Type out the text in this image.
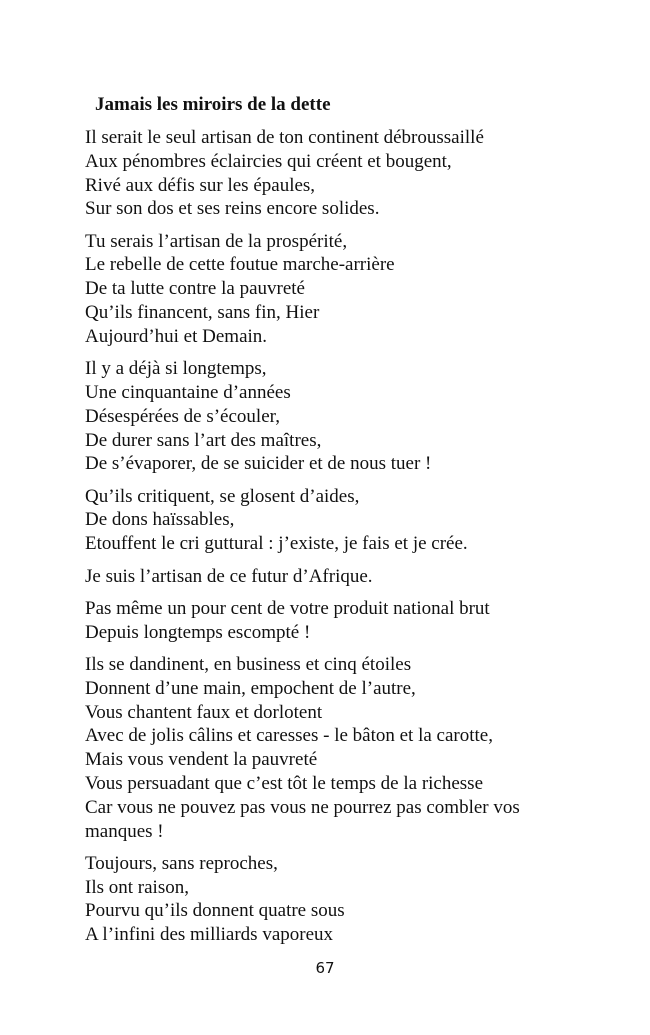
Jamais les miroirs de la dette
Il serait le seul artisan de ton continent débroussaillé
Aux pénombres éclaircies qui créent et bougent,
Rivé aux défis sur les épaules,
Sur son dos et ses reins encore solides.
Tu serais l’artisan de la prospérité,
Le rebelle de cette foutue marche-arrière
De ta lutte contre la pauvreté
Qu’ils financent, sans fin, Hier
Aujourd’hui et Demain.
Il y a déjà si longtemps,
Une cinquantaine d’années
Désespérées de s’écouler,
De durer sans l’art des maîtres,
De s’évaporer, de se suicider et de nous tuer !
Qu’ils critiquent, se glosent d’aides,
De dons haïssables,
Etouffent le cri guttural : j’existe, je fais et je crée.
Je suis l’artisan de ce futur d’Afrique.
Pas même un pour cent de votre produit national brut
Depuis longtemps escompté !
Ils se dandinent, en business et cinq étoiles
Donnent d’une main, empochent de l’autre,
Vous chantent faux et dorlotent
Avec de jolis câlins et caresses - le bâton et la carotte,
Mais vous vendent la pauvreté
Vous persuadant que c’est tôt le temps de la richesse
Car vous ne pouvez pas vous ne pourrez pas combler vos
manques !
Toujours, sans reproches,
Ils ont raison,
Pourvu qu’ils donnent quatre sous
A l’infini des milliards vaporeux
67
